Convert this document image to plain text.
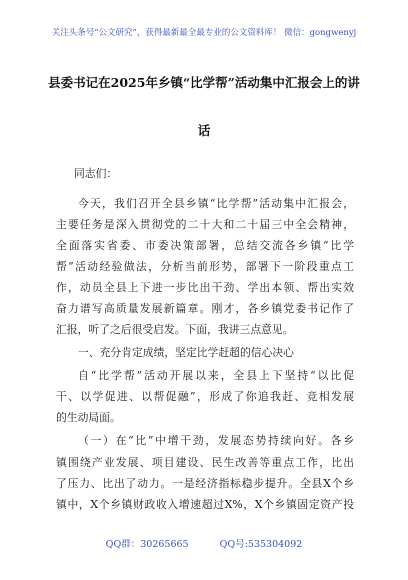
关注头条号“公文研究”，获得最新最全最专业的公文资料库！ 微信：gongwenyj
县委书记在2025年乡镇“比学帮”活动集中汇报会上的讲
话
同志们：
今天，我们召开全县乡镇“比学帮”活动集中汇报会，
主要任务是深入贯彻党的二十大和二十届三中全会精神，
全面落实省委、市委决策部署，总结交流各乡镇“比学
帮”活动经验做法，分析当前形势，部署下一阶段重点工
作，动员全县上下进一步比出干劲、学出本领、帮出实效
奋力谱写高质量发展新篇章。刚才，各乡镇党委书记作了
汇报，听了之后很受启发。下面，我讲三点意见。
一、充分肯定成绩，坚定比学赶超的信心决心
自“比学帮”活动开展以来，全县上下坚持“以比促
干、以学促进、以帮促融”，形成了你追我赶、竞相发展
的生动局面。
（一）在“比”中增干劲，发展态势持续向好。各乡
镇围绕产业发展、项目建设、民生改善等重点工作，比出
了压力、比出了动力。一是经济指标稳步提升。全县X个乡
镇中，X个乡镇财政收入增速超过X%，X个乡镇固定资产投
QQ群：30265665	QQ号:535304092
